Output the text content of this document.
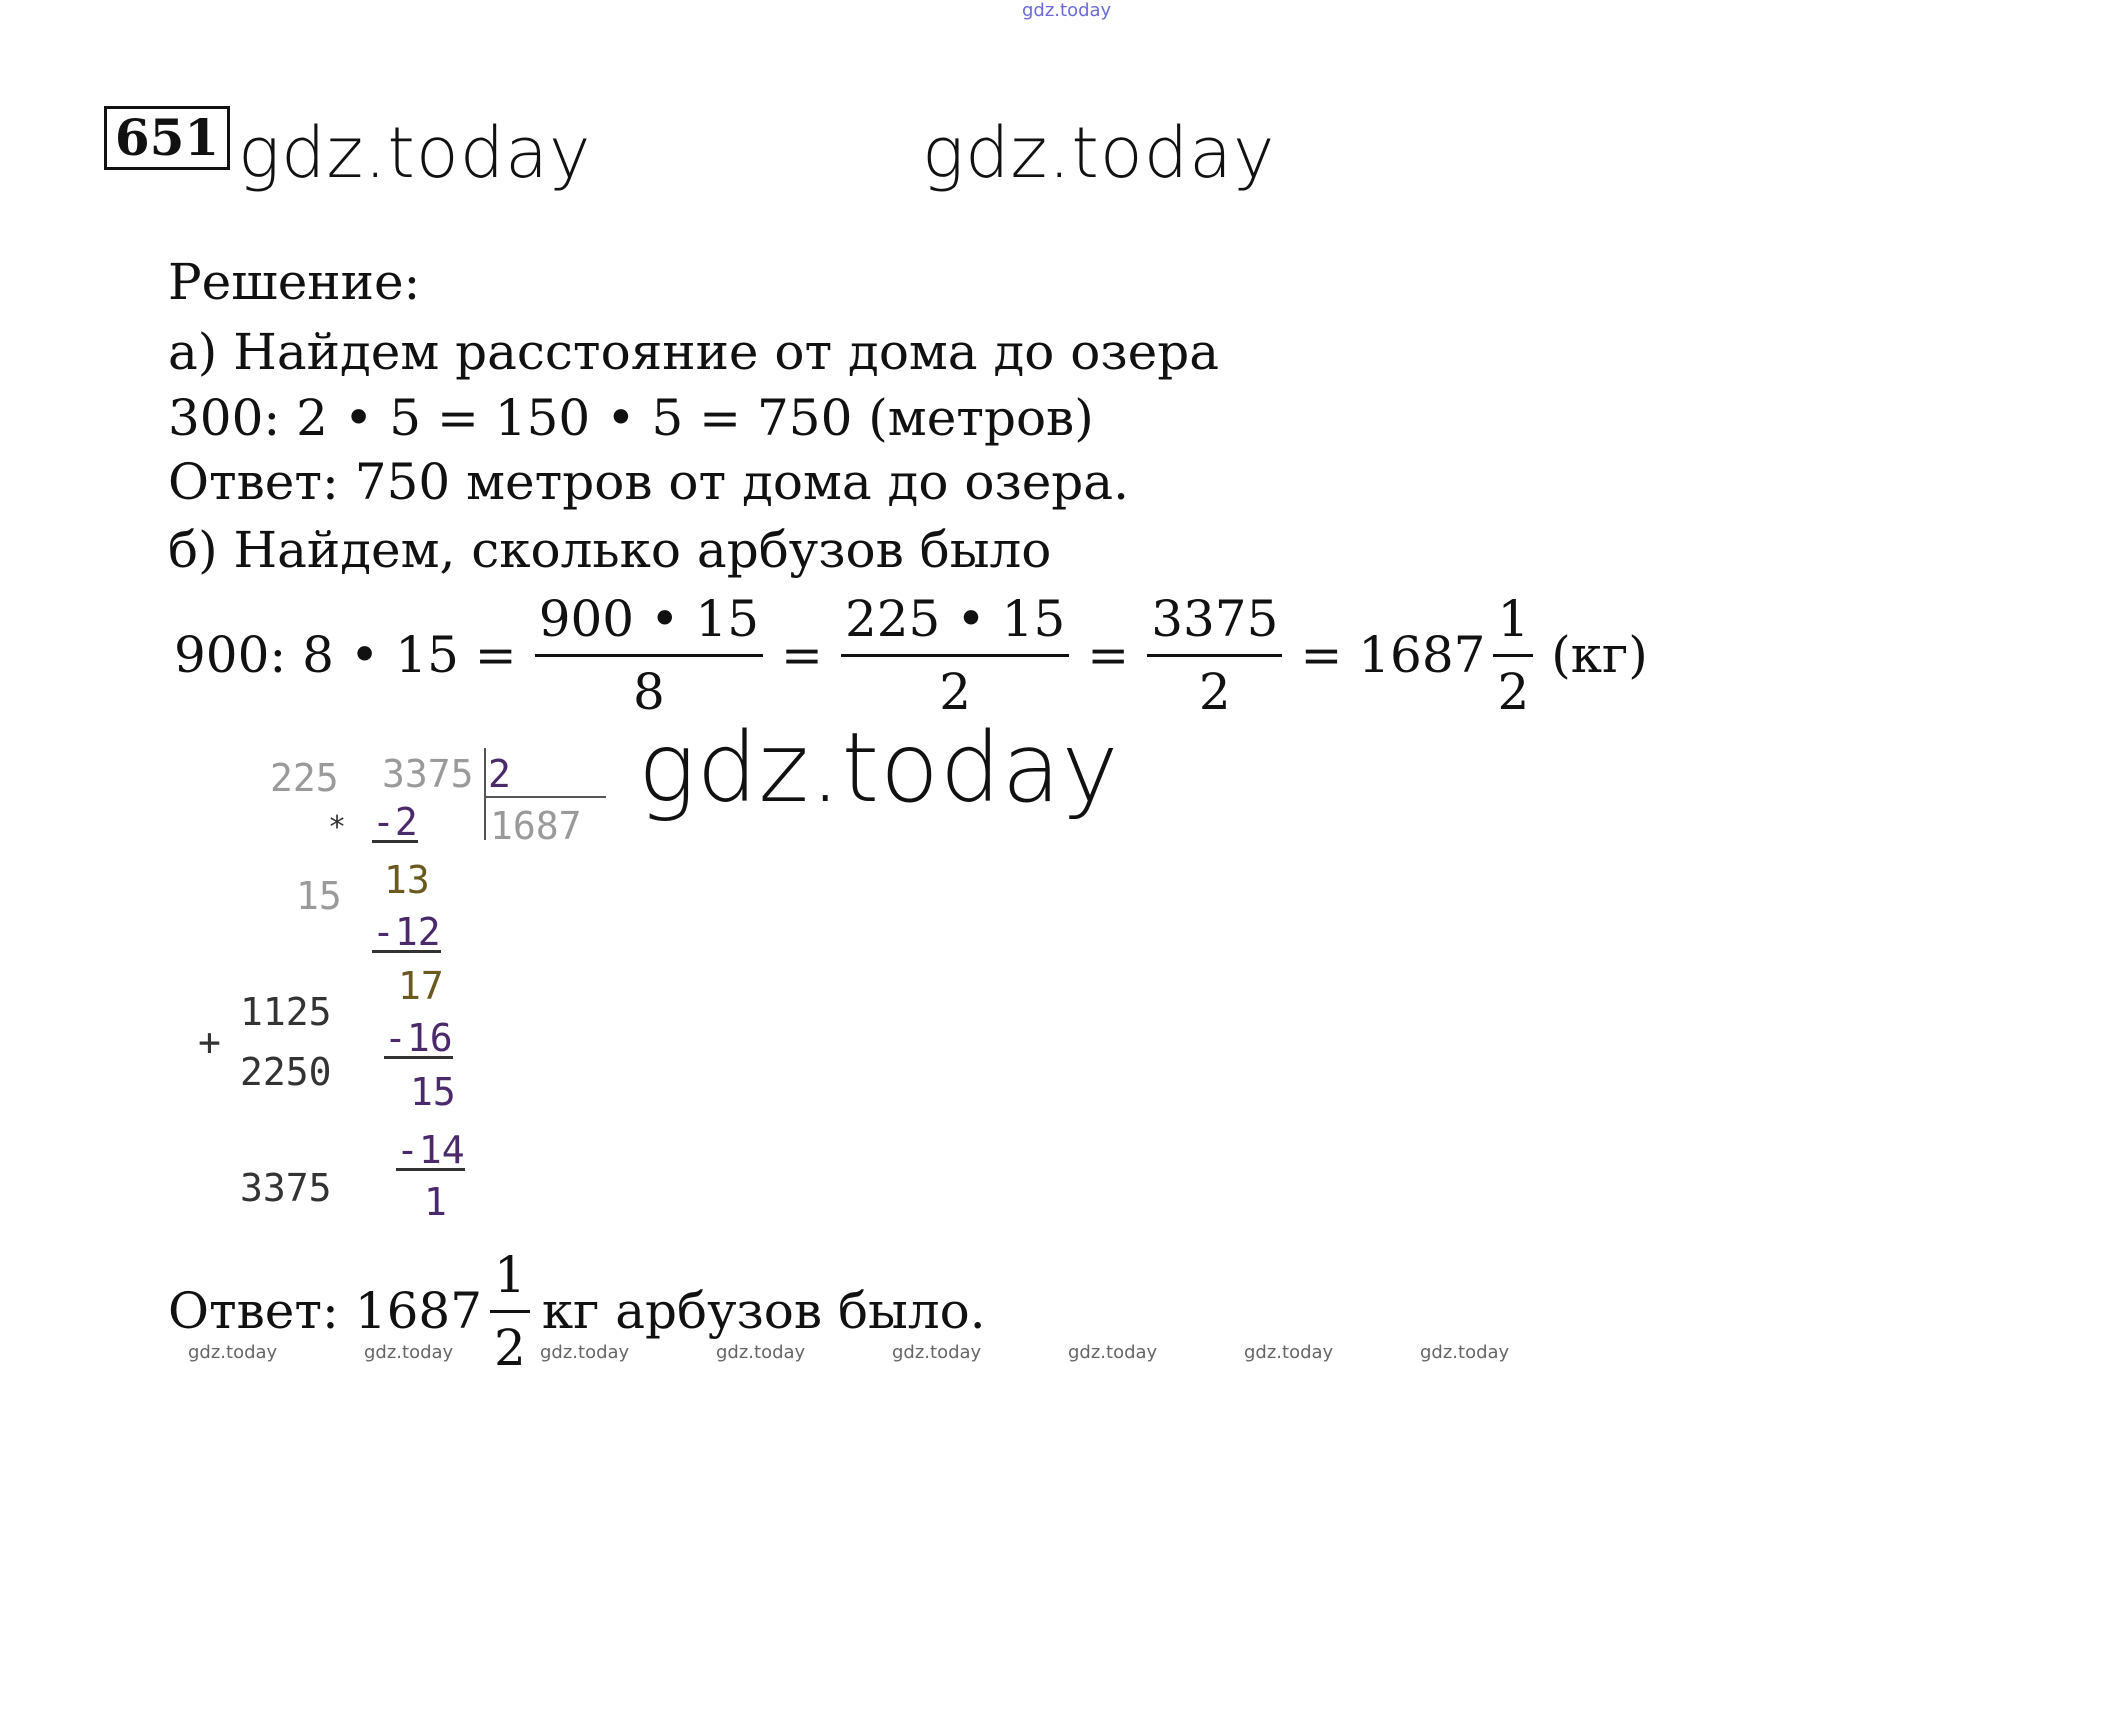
gdz.today
gdz.today	gdz.today
gdz.today
651
Решение:
а) Найдем расстояние от дома до озера
300: 2 • 5 = 150 • 5 = 750 (метров)
Ответ: 750 метров от дома до озера.
б) Найдем, сколько арбузов было
900: 8 • $15 = \frac{900 • 15}{8} = \frac{225 • 15}{2} = \frac{3375}{2} = 1687 \frac{1}{2} (кг)$
225
*
15
+
1125
2250
3375
3375 2
1687
-2
13
-12
17
-16
15
-14
1
Ответ: $1687 \frac{1}{2}$ кг арбузов было.
gdz.today	gdz.today	gdz.today	gdz.today	gdz.today	gdz.today	gdz.today	gdz.today
